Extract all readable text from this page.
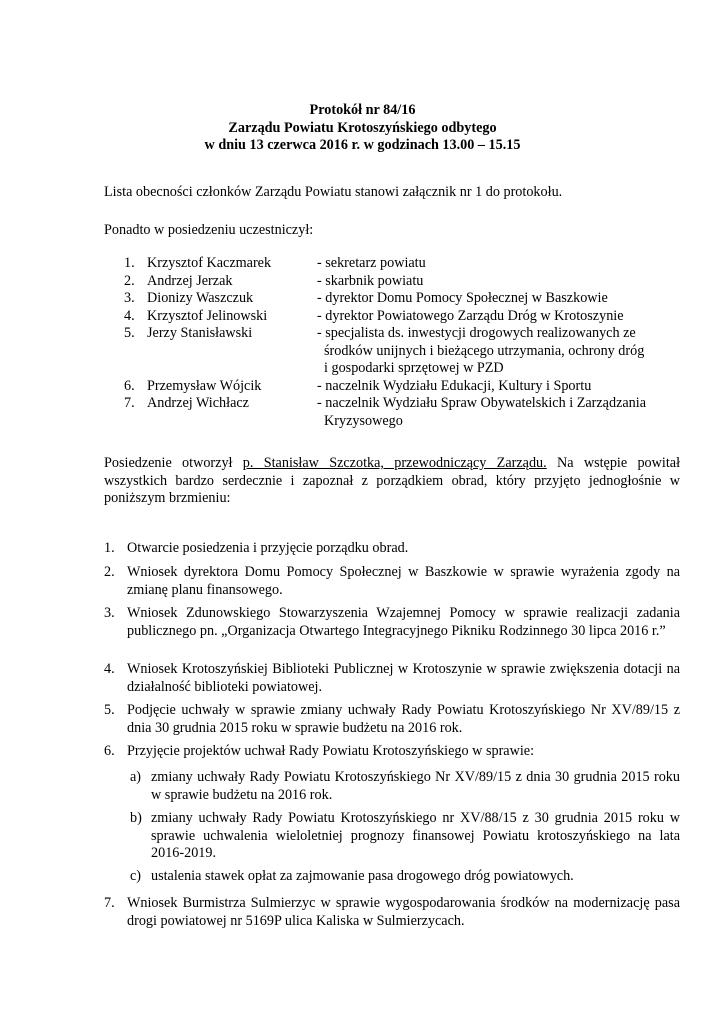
Protokół nr 84/16
Zarządu Powiatu Krotoszyńskiego odbytego
w dniu 13 czerwca 2016 r. w godzinach 13.00 – 15.15
Lista obecności członków Zarządu Powiatu stanowi załącznik nr 1 do protokołu.
Ponadto w posiedzeniu uczestniczył:
1. Krzysztof Kaczmarek	- sekretarz powiatu
2. Andrzej Jerzak	- skarbnik powiatu
3. Dionizy Waszczuk	- dyrektor Domu Pomocy Społecznej w Baszkowie
4. Krzysztof Jelinowski	- dyrektor Powiatowego Zarządu Dróg w Krotoszynie
5. Jerzy Stanisławski	- specjalista ds. inwestycji drogowych realizowanych ze
środków unijnych i bieżącego utrzymania, ochrony dróg
i gospodarki sprzętowej w PZD
6. Przemysław Wójcik	- naczelnik Wydziału Edukacji, Kultury i Sportu
7. Andrzej Wichłacz	- naczelnik Wydziału Spraw Obywatelskich i Zarządzania
Kryzysowego
Posiedzenie otworzył p. Stanisław Szczotka, przewodniczący Zarządu. Na wstępie powitał wszystkich bardzo serdecznie i zapoznał z porządkiem obrad, który przyjęto jednogłośnie w poniższym brzmieniu:
1. Otwarcie posiedzenia i przyjęcie porządku obrad.
2. Wniosek dyrektora Domu Pomocy Społecznej w Baszkowie w sprawie wyrażenia zgody na zmianę planu finansowego.
3. Wniosek Zdunowskiego Stowarzyszenia Wzajemnej Pomocy w sprawie realizacji zadania publicznego pn. „Organizacja Otwartego Integracyjnego Pikniku Rodzinnego 30 lipca 2016 r.”
4. Wniosek Krotoszyńskiej Biblioteki Publicznej w Krotoszynie w sprawie zwiększenia dotacji na działalność biblioteki powiatowej.
5. Podjęcie uchwały w sprawie zmiany uchwały Rady Powiatu Krotoszyńskiego Nr XV/89/15 z dnia 30 grudnia 2015 roku w sprawie budżetu na 2016 rok.
6. Przyjęcie projektów uchwał Rady Powiatu Krotoszyńskiego w sprawie:
a) zmiany uchwały Rady Powiatu Krotoszyńskiego Nr XV/89/15 z dnia 30 grudnia 2015 roku w sprawie budżetu na 2016 rok.
b) zmiany uchwały Rady Powiatu Krotoszyńskiego nr XV/88/15 z 30 grudnia 2015 roku w sprawie uchwalenia wieloletniej prognozy finansowej Powiatu krotoszyńskiego na lata 2016-2019.
c) ustalenia stawek opłat za zajmowanie pasa drogowego dróg powiatowych.
7. Wniosek Burmistrza Sulmierzyc w sprawie wygospodarowania środków na modernizację pasa drogi powiatowej nr 5169P ulica Kaliska w Sulmierzycach.
